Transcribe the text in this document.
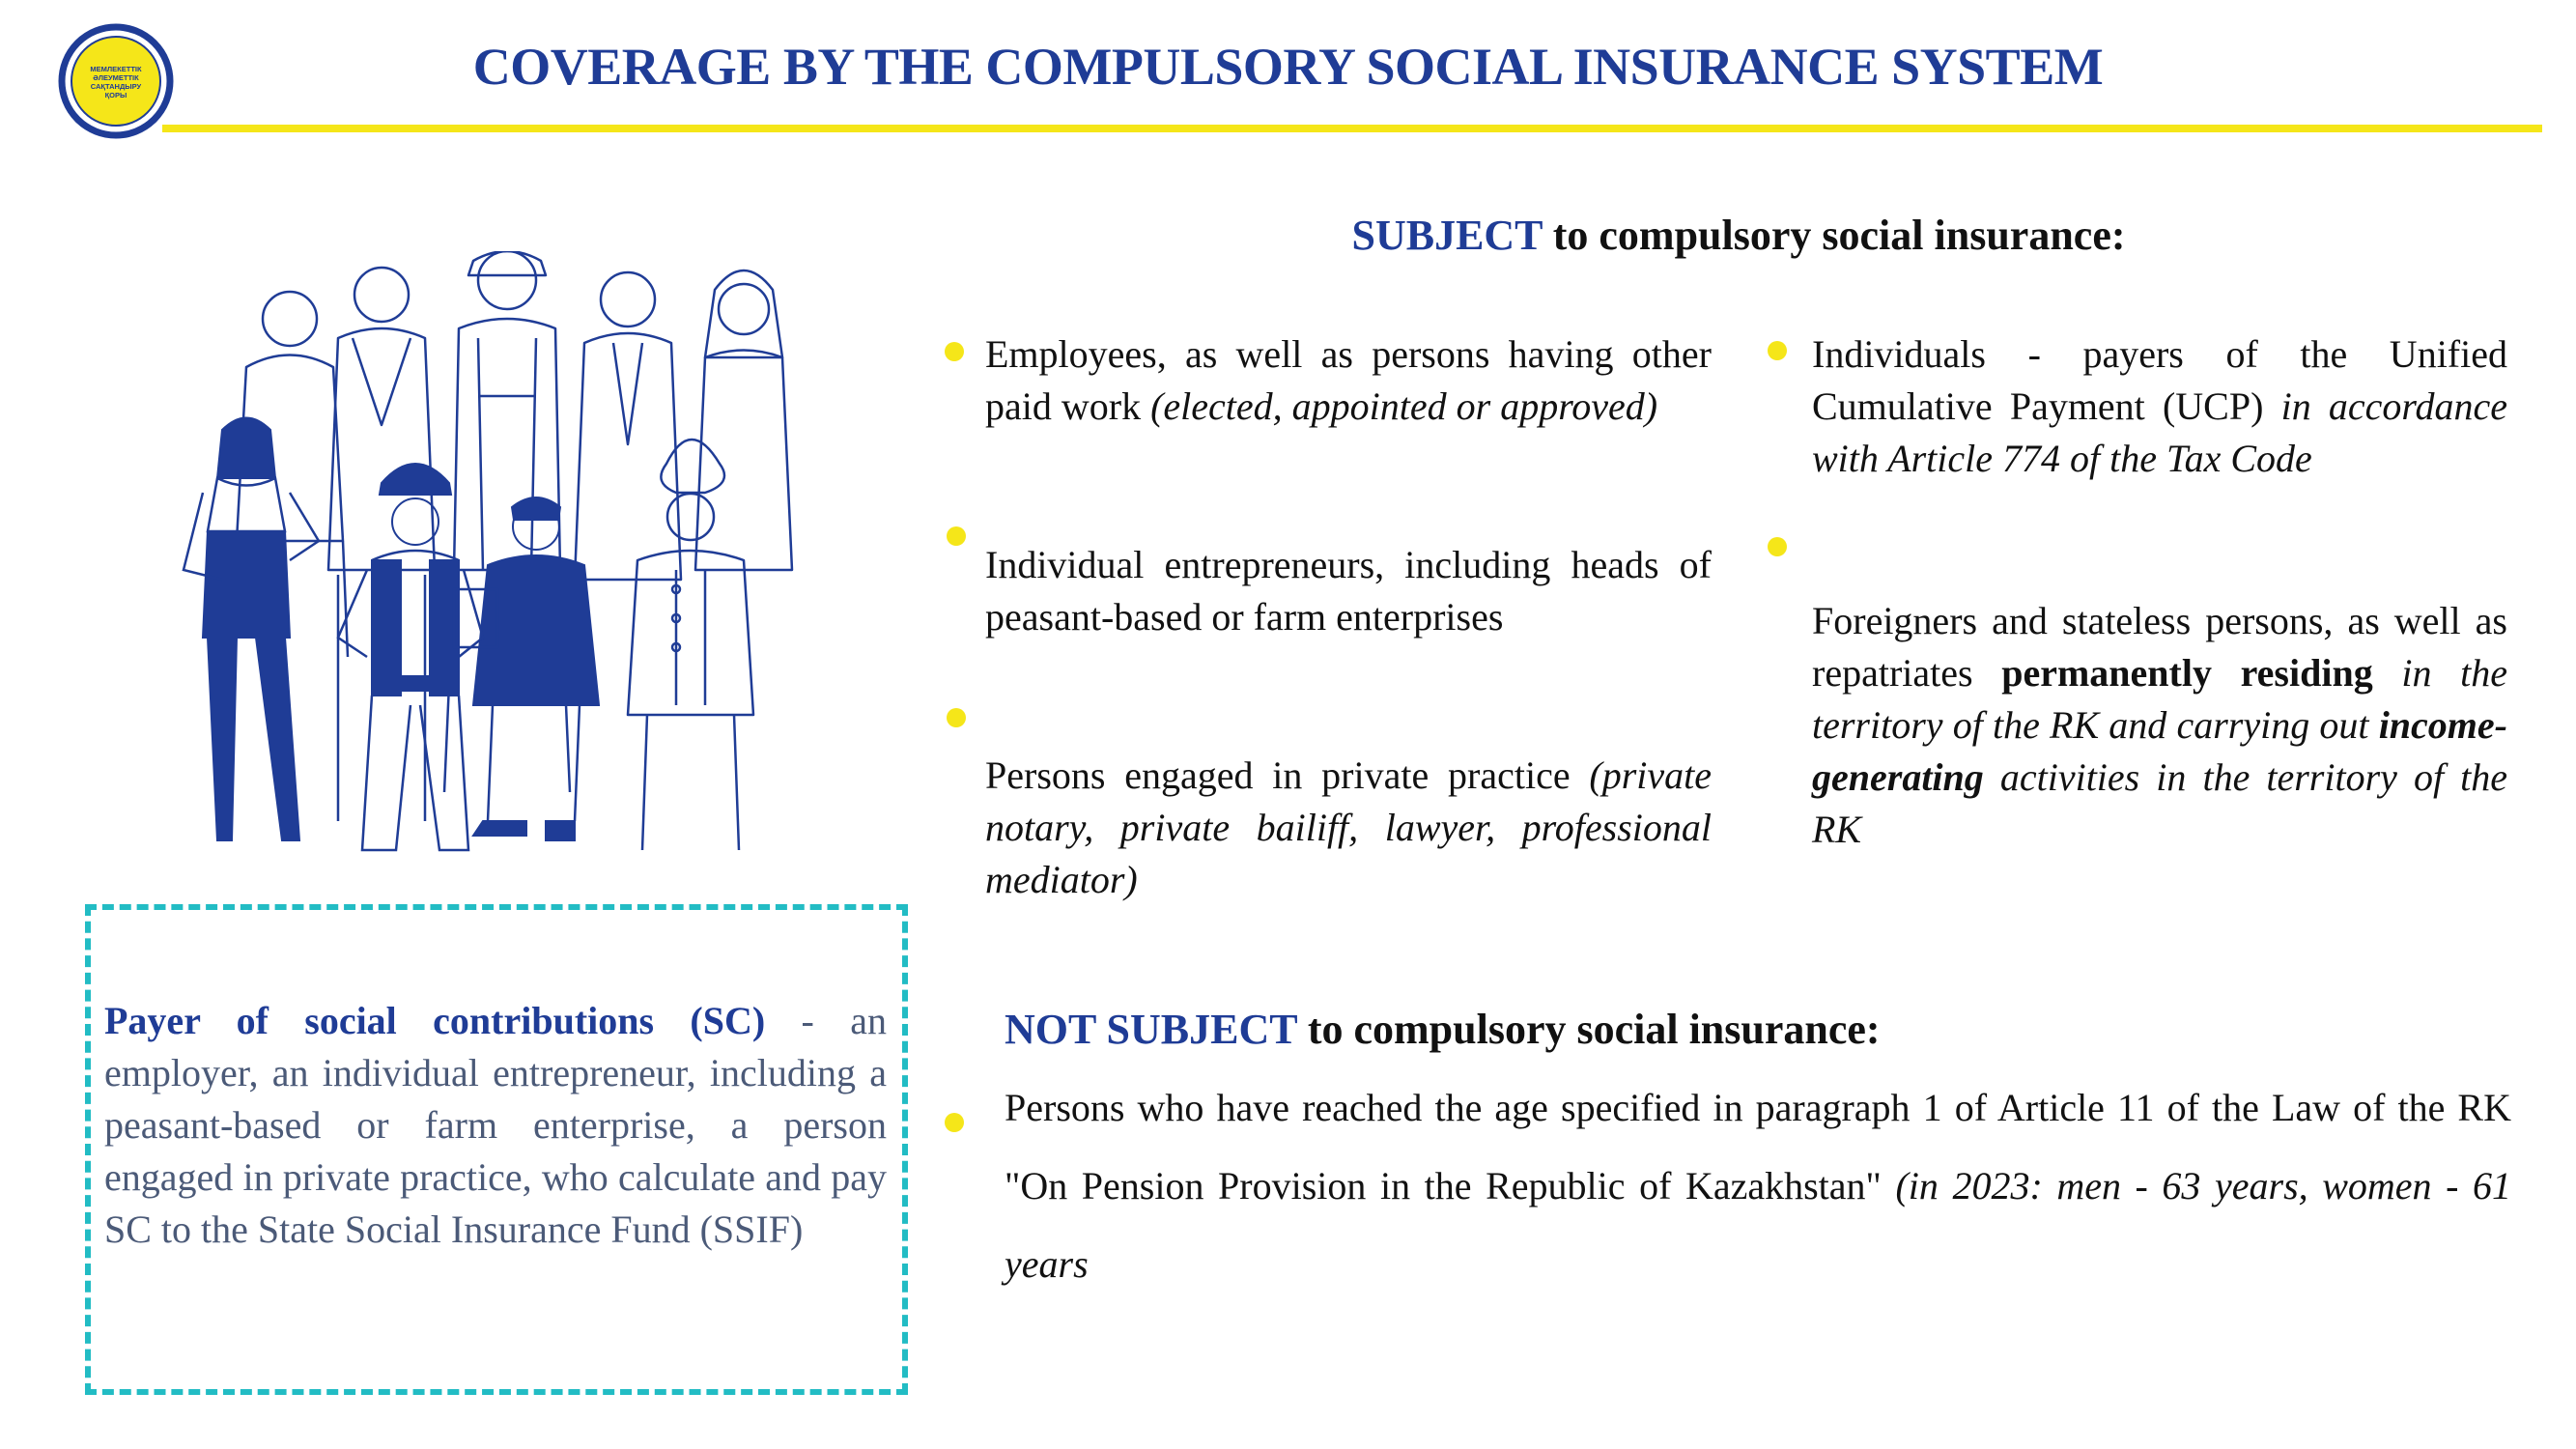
МЕМЛЕКЕТТІК
ӘЛЕУМЕТТІК
САҚТАНДЫРУ
ҚОРЫ	COVERAGE BY THE COMPULSORY SOCIAL INSURANCE SYSTEM
SUBJECT to compulsory social insurance:
Employees, as well as persons having other paid work (elected, appointed or approved)
Individual entrepreneurs, including heads of peasant-based or farm enterprises
Persons engaged in private practice (private notary, private bailiff, lawyer, professional mediator)
Individuals - payers of the Unified Cumulative Payment (UCP) in accordance with Article 774 of the Tax Code
Foreigners and stateless persons, as well as repatriates permanently residing in the territory of the RK and carrying out income-generating activities in the territory of the RK
Payer of social contributions (SC) - an employer, an individual entrepreneur, including a peasant-based or farm enterprise, a person engaged in private practice, who calculate and pay SC to the State Social Insurance Fund (SSIF)
NOT SUBJECT to compulsory social insurance:
Persons who have reached the age specified in paragraph 1 of Article 11 of the Law of the RK "On Pension Provision in the Republic of Kazakhstan" (in 2023: men - 63 years, women - 61 years
